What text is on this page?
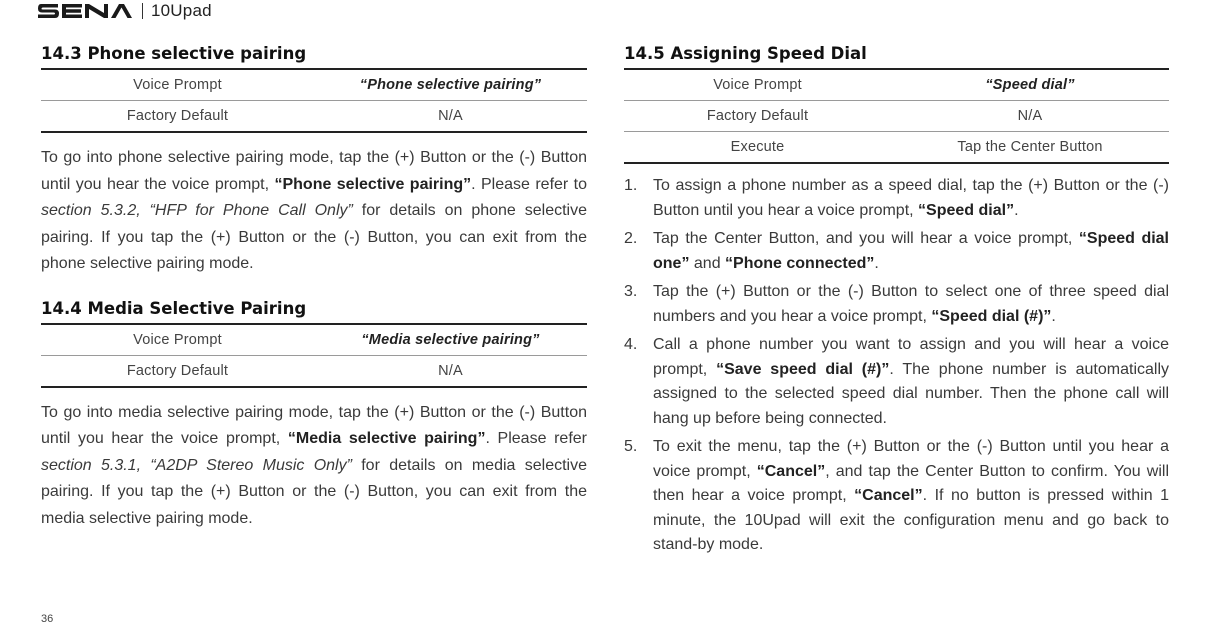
10Upad
14.3 Phone selective pairing
Voice Prompt	“Phone selective pairing”
Factory Default	N/A

To go into phone selective pairing mode, tap the (+) Button or the (-) Button until you hear the voice prompt, “Phone selective pairing”. Please refer to section 5.3.2, “HFP for Phone Call Only” for details on phone selective pairing. If you tap the (+) Button or the (-) Button, you can exit from the phone selective pairing mode.

14.4 Media Selective Pairing
Voice Prompt	“Media selective pairing”
Factory Default	N/A

To go into media selective pairing mode, tap the (+) Button or the (-) Button until you hear the voice prompt, “Media selective pairing”. Please refer section 5.3.1, “A2DP Stereo Music Only” for details on media selective pairing. If you tap the (+) Button or the (-) Button, you can exit from the media selective pairing mode.

14.5 Assigning Speed Dial
Voice Prompt	“Speed dial”
Factory Default	N/A
Execute	Tap the Center Button
1. To assign a phone number as a speed dial, tap the (+) Button or the (-) Button until you hear a voice prompt, “Speed dial”.
2. Tap the Center Button, and you will hear a voice prompt, “Speed dial one” and “Phone connected”.
3. Tap the (+) Button or the (-) Button to select one of three speed dial numbers and you hear a voice prompt, “Speed dial (#)”.
4. Call a phone number you want to assign and you will hear a voice prompt, “Save speed dial (#)”. The phone number is automatically assigned to the selected speed dial number. Then the phone call will hang up before being connected.
5. To exit the menu, tap the (+) Button or the (-) Button until you hear a voice prompt, “Cancel”, and tap the Center Button to confirm. You will then hear a voice prompt, “Cancel”. If no button is pressed within 1 minute, the 10Upad will exit the configuration menu and go back to stand-by mode.
36
